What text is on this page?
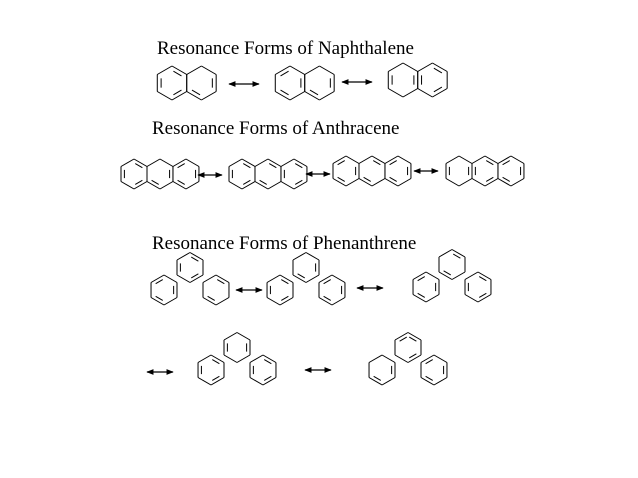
Resonance Forms of Naphthalene
Resonance Forms of Anthracene
Resonance Forms of Phenanthrene
